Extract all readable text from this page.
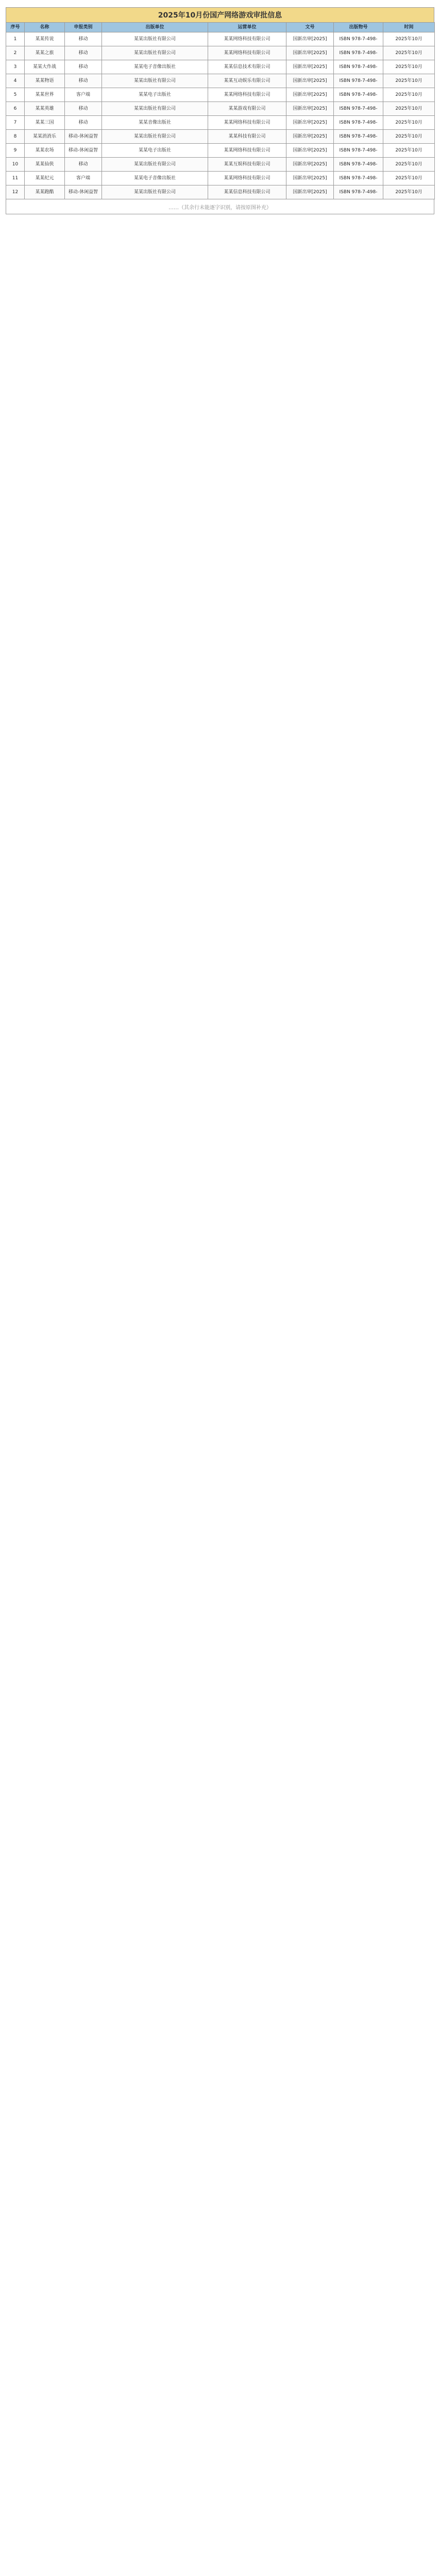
2025年10月份国产网络游戏审批信息
序号	名称	申报类别	出版单位	运营单位	文号	出版物号	时间
1	某某传说	移动	某某出版社有限公司	某某网络科技有限公司	国新出审[2025]	ISBN 978-7-498-	2025年10月
2	某某之旅	移动	某某出版社有限公司	某某网络科技有限公司	国新出审[2025]	ISBN 978-7-498-	2025年10月
3	某某大作战	移动	某某电子音像出版社	某某信息技术有限公司	国新出审[2025]	ISBN 978-7-498-	2025年10月
4	某某物语	移动	某某出版社有限公司	某某互动娱乐有限公司	国新出审[2025]	ISBN 978-7-498-	2025年10月
5	某某世界	客户端	某某电子出版社	某某网络科技有限公司	国新出审[2025]	ISBN 978-7-498-	2025年10月
6	某某英雄	移动	某某出版社有限公司	某某游戏有限公司	国新出审[2025]	ISBN 978-7-498-	2025年10月
7	某某三国	移动	某某音像出版社	某某网络科技有限公司	国新出审[2025]	ISBN 978-7-498-	2025年10月
8	某某消消乐	移动-休闲益智	某某出版社有限公司	某某科技有限公司	国新出审[2025]	ISBN 978-7-498-	2025年10月
9	某某农场	移动-休闲益智	某某电子出版社	某某网络科技有限公司	国新出审[2025]	ISBN 978-7-498-	2025年10月
10	某某仙侠	移动	某某出版社有限公司	某某互娱科技有限公司	国新出审[2025]	ISBN 978-7-498-	2025年10月
11	某某纪元	客户端	某某电子音像出版社	某某网络科技有限公司	国新出审[2025]	ISBN 978-7-498-	2025年10月
12	某某跑酷	移动-休闲益智	某某出版社有限公司	某某信息科技有限公司	国新出审[2025]	ISBN 978-7-498-	2025年10月
……（其余行未能逐字识别，请按原图补充）
